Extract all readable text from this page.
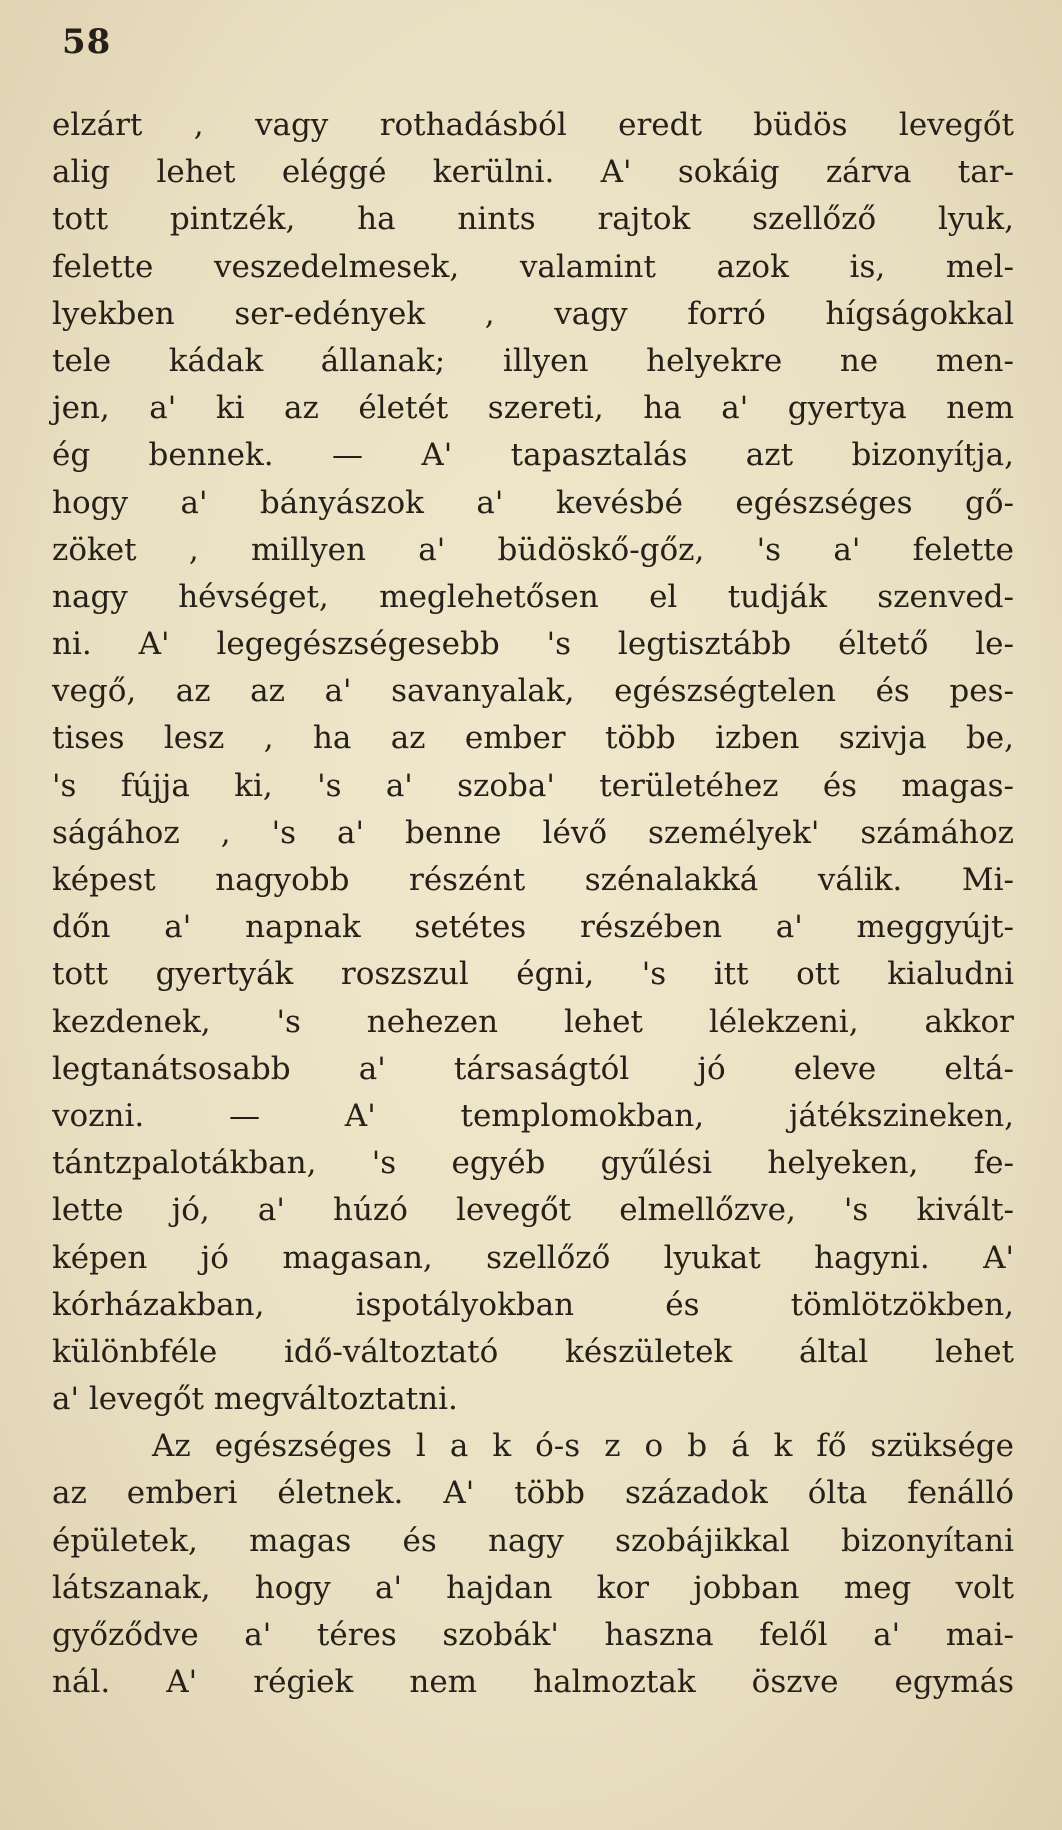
58
elzárt , vagy rothadásból eredt büdös levegőt
alig lehet eléggé kerülni. A' sokáig zárva tar-
tott pintzék, ha nints rajtok szellőző lyuk,
felette veszedelmesek, valamint azok is, mel-
lyekben ser-edények , vagy forró hígságokkal
tele kádak állanak; illyen helyekre ne men-
jen, a' ki az életét szereti, ha a' gyertya nem
ég bennek. — A' tapasztalás azt bizonyítja,
hogy a' bányászok a' kevésbé egészséges gő-
zöket , millyen a' büdöskő-gőz, 's a' felette
nagy hévséget, meglehetősen el tudják szenved-
ni. A' legegészségesebb 's legtisztább éltető le-
vegő, az az a' savanyalak, egészségtelen és pes-
tises lesz , ha az ember több izben szivja be,
's fújja ki, 's a' szoba' területéhez és magas-
ságához , 's a' benne lévő személyek' számához
képest nagyobb részént szénalakká válik. Mi-
dőn a' napnak setétes részében a' meggyújt-
tott gyertyák roszszul égni, 's itt ott kialudni
kezdenek, 's nehezen lehet lélekzeni, akkor
legtanátsosabb a' társaságtól jó eleve eltá-
vozni. — A' templomokban, játékszineken,
tántzpalotákban, 's egyéb gyűlési helyeken, fe-
lette jó, a' húzó levegőt elmellőzve, 's kivált-
képen jó magasan, szellőző lyukat hagyni. A'
kórházakban, ispotályokban és tömlötzökben,
különbféle idő-változtató készületek által lehet
a' levegőt megváltoztatni.
Az egészséges l a k ó-s z o b á k fő szüksége
az emberi életnek. A' több századok ólta fenálló
épületek, magas és nagy szobájikkal bizonyítani
látszanak, hogy a' hajdan kor jobban meg volt
győződve a' téres szobák' haszna felől a' mai-
nál. A' régiek nem halmoztak öszve egymás
